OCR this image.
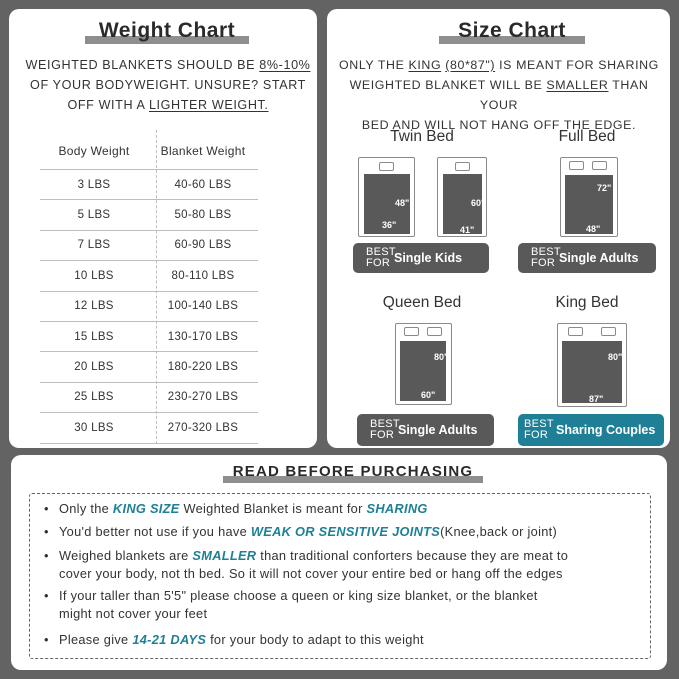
Weight Chart
WEIGHTED BLANKETS SHOULD BE 8%-10%
OF YOUR BODYWEIGHT. UNSURE? START
OFF WITH A LIGHTER WEIGHT.
Body Weight	Blanket Weight
3 LBS	40-60 LBS
5 LBS	50-80 LBS
7 LBS	60-90 LBS
10 LBS	80-110 LBS
12 LBS	100-140 LBS
15 LBS	130-170 LBS
20 LBS	180-220 LBS
25 LBS	230-270 LBS
30 LBS	270-320 LBS
Size Chart
ONLY THE KING (80*87") IS MEANT FOR SHARING
WEIGHTED BLANKET WILL BE SMALLER THAN YOUR
BED AND WILL NOT HANG OFF THE EDGE.
Twin Bed
48"
36"
60"
41"
BEST
FOR Single Kids
Full Bed
72"
48"
BEST
FOR Single Adults
Queen Bed
80"
60"
BEST
FOR Single Adults
King Bed
80"
87"
BEST
FOR Sharing Couples
READ BEFORE PURCHASING
• Only the KING SIZE Weighted Blanket is meant for SHARING
• You'd better not use if you have WEAK OR SENSITIVE JOINTS(Knee,back or joint)
• Weighed blankets are SMALLER than traditional conforters because they are meat to
cover your body, not th bed. So it will not cover your entire bed or hang off the edges
• If your taller than 5'5" please choose a queen or king size blanket, or the blanket
might not cover your feet
• Please give 14-21 DAYS for your body to adapt to this weight
